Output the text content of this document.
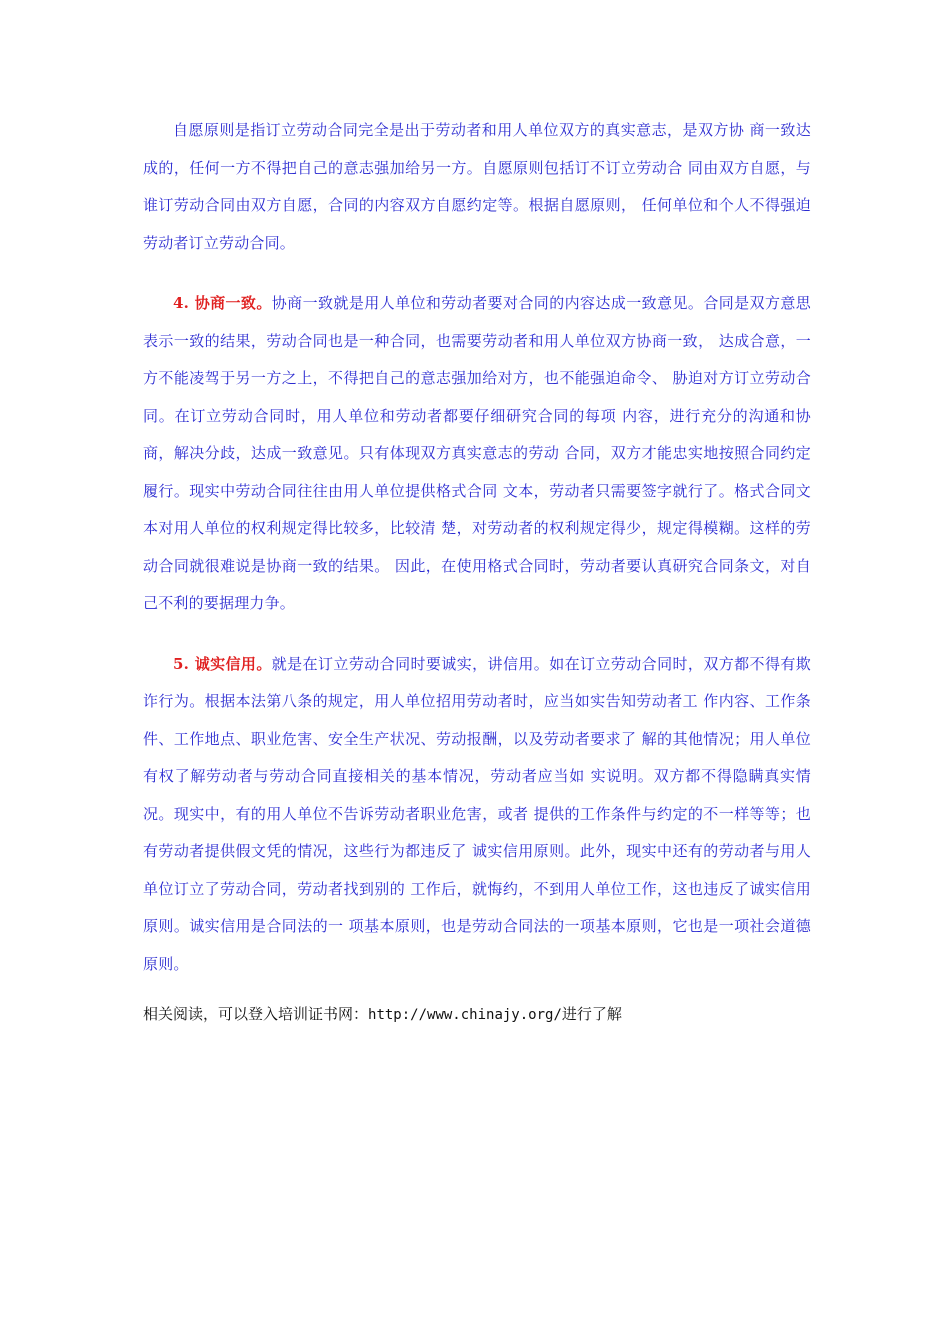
自愿原则是指订立劳动合同完全是出于劳动者和用人单位双方的真实意志，是双方协 商一致达成的，任何一方不得把自己的意志强加给另一方。自愿原则包括订不订立劳动合 同由双方自愿，与谁订劳动合同由双方自愿，合同的内容双方自愿约定等。根据自愿原则， 任何单位和个人不得强迫劳动者订立劳动合同。

4. 协商一致。协商一致就是用人单位和劳动者要对合同的内容达成一致意见。合同是双方意思表示一致的结果，劳动合同也是一种合同，也需要劳动者和用人单位双方协商一致， 达成合意，一方不能凌驾于另一方之上，不得把自己的意志强加给对方，也不能强迫命令、 胁迫对方订立劳动合同。在订立劳动合同时，用人单位和劳动者都要仔细研究合同的每项 内容，进行充分的沟通和协商，解决分歧，达成一致意见。只有体现双方真实意志的劳动 合同，双方才能忠实地按照合同约定履行。现实中劳动合同往往由用人单位提供格式合同 文本，劳动者只需要签字就行了。格式合同文本对用人单位的权利规定得比较多，比较清 楚，对劳动者的权利规定得少，规定得模糊。这样的劳动合同就很难说是协商一致的结果。 因此，在使用格式合同时，劳动者要认真研究合同条文，对自己不利的要据理力争。

5. 诚实信用。就是在订立劳动合同时要诚实，讲信用。如在订立劳动合同时，双方都不得有欺诈行为。根据本法第八条的规定，用人单位招用劳动者时，应当如实告知劳动者工 作内容、工作条件、工作地点、职业危害、安全生产状况、劳动报酬，以及劳动者要求了 解的其他情况；用人单位有权了解劳动者与劳动合同直接相关的基本情况，劳动者应当如 实说明。双方都不得隐瞒真实情况。现实中，有的用人单位不告诉劳动者职业危害，或者 提供的工作条件与约定的不一样等等；也有劳动者提供假文凭的情况，这些行为都违反了 诚实信用原则。此外，现实中还有的劳动者与用人单位订立了劳动合同，劳动者找到别的 工作后，就悔约，不到用人单位工作，这也违反了诚实信用原则。诚实信用是合同法的一 项基本原则，也是劳动合同法的一项基本原则，它也是一项社会道德原则。

相关阅读，可以登入培训证书网：http://www.chinajy.org/进行了解
